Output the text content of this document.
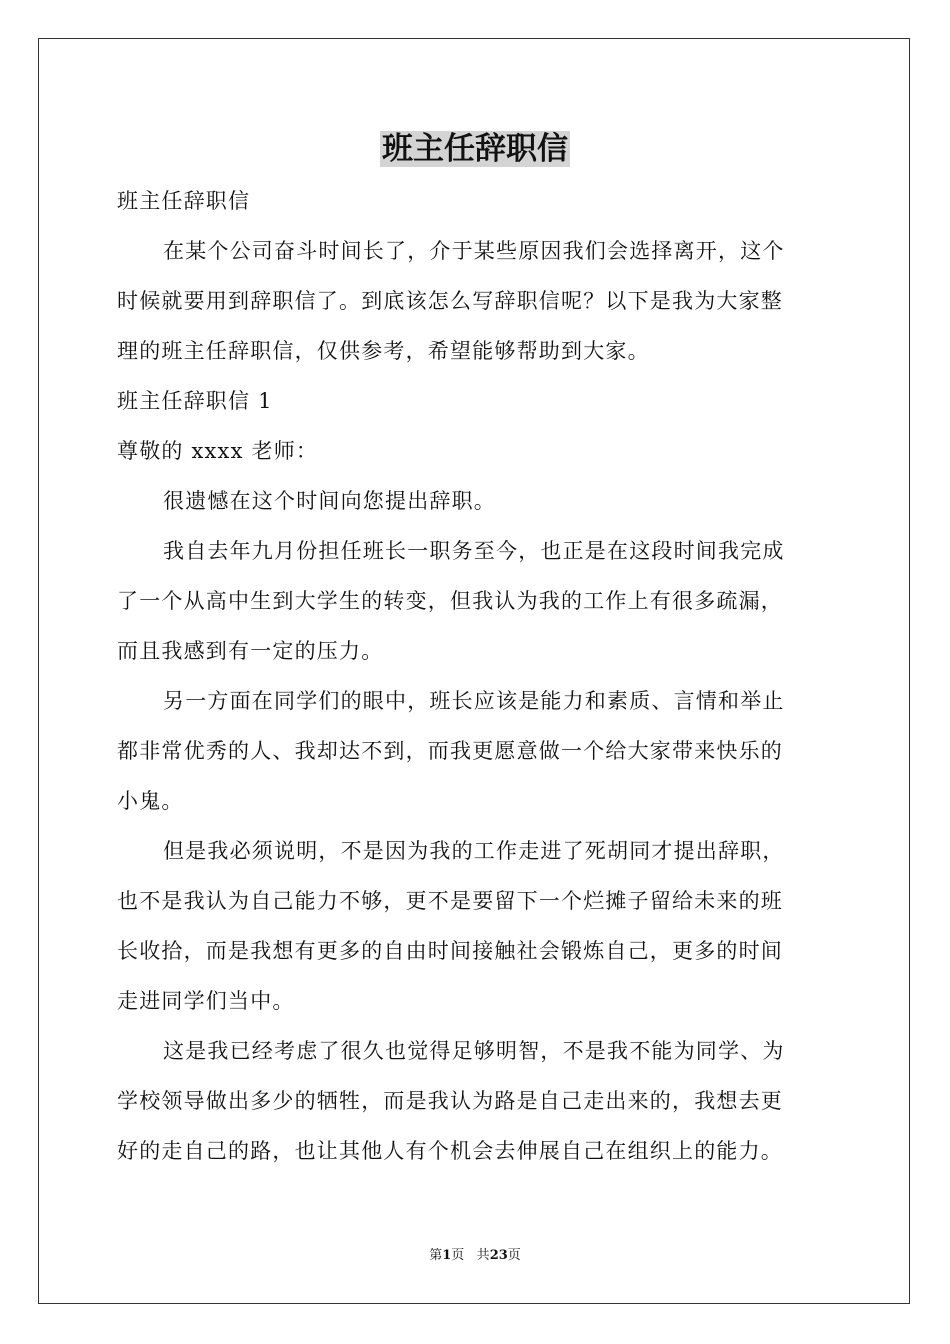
班主任辞职信

班主任辞职信

在某个公司奋斗时间长了，介于某些原因我们会选择离开，这个

时候就要用到辞职信了。到底该怎么写辞职信呢？以下是我为大家整

理的班主任辞职信，仅供参考，希望能够帮助到大家。

班主任辞职信 1

尊敬的 xxxx 老师：

很遗憾在这个时间向您提出辞职。

我自去年九月份担任班长一职务至今，也正是在这段时间我完成

了一个从高中生到大学生的转变，但我认为我的工作上有很多疏漏，

而且我感到有一定的压力。

另一方面在同学们的眼中，班长应该是能力和素质、言情和举止

都非常优秀的人、我却达不到，而我更愿意做一个给大家带来快乐的

小鬼。

但是我必须说明，不是因为我的工作走进了死胡同才提出辞职，

也不是我认为自己能力不够，更不是要留下一个烂摊子留给未来的班

长收拾，而是我想有更多的自由时间接触社会锻炼自己，更多的时间

走进同学们当中。

这是我已经考虑了很久也觉得足够明智，不是我不能为同学、为

学校领导做出多少的牺牲，而是我认为路是自己走出来的，我想去更

好的走自己的路，也让其他人有个机会去伸展自己在组织上的能力。

第1页 共23页
